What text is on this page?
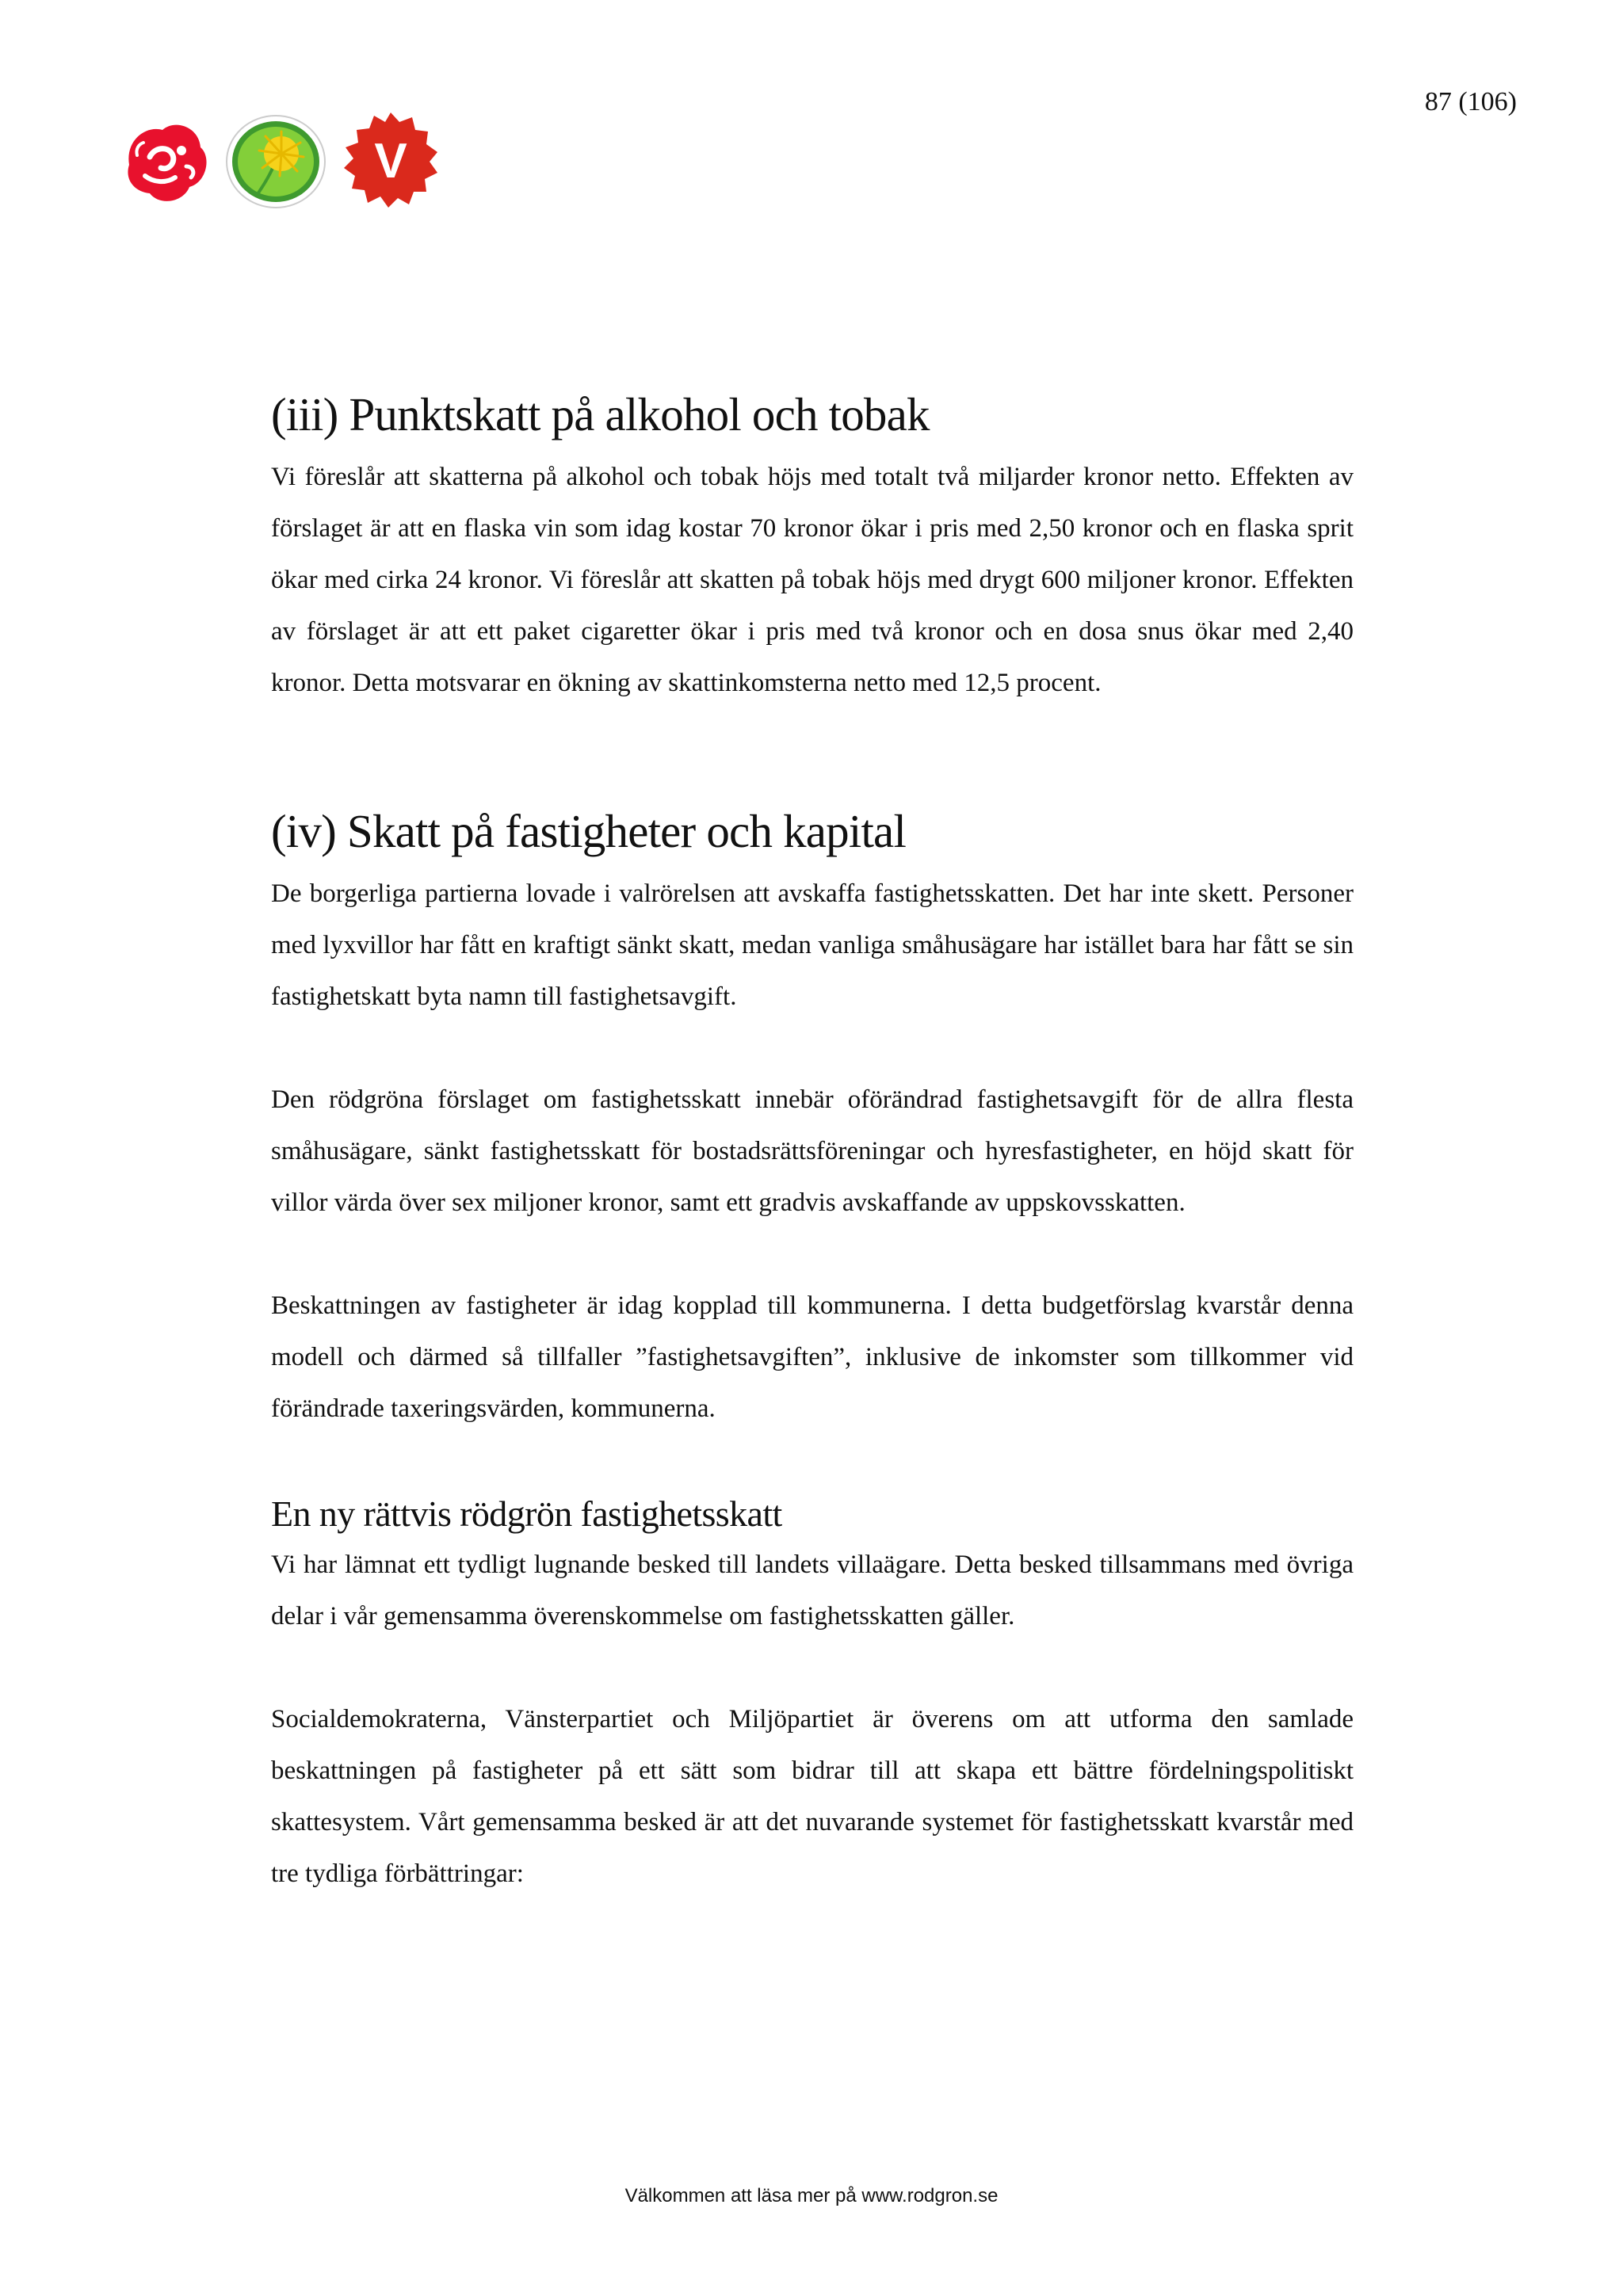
87 (106)
V
(iii) Punktskatt på alkohol och tobak

Vi föreslår att skatterna på alkohol och tobak höjs med totalt två miljarder kronor netto. Effekten av förslaget är att en flaska vin som idag kostar 70 kronor ökar i pris med 2,50 kronor och en flaska sprit ökar med cirka 24 kronor. Vi föreslår att skatten på tobak höjs med drygt 600 miljoner kronor. Effekten av förslaget är att ett paket cigaretter ökar i pris med två kronor och en dosa snus ökar med 2,40 kronor. Detta motsvarar en ökning av skattinkomsterna netto med 12,5 procent.

(iv) Skatt på fastigheter och kapital

De borgerliga partierna lovade i valrörelsen att avskaffa fastighetsskatten. Det har inte skett. Personer med lyxvillor har fått en kraftigt sänkt skatt, medan vanliga småhusägare har istället bara har fått se sin fastighetskatt byta namn till fastighetsavgift.

Den rödgröna förslaget om fastighetsskatt innebär oförändrad fastighetsavgift för de allra flesta småhusägare, sänkt fastighetsskatt för bostadsrättsföreningar och hyresfastigheter, en höjd skatt för villor värda över sex miljoner kronor, samt ett gradvis avskaffande av uppskovsskatten.

Beskattningen av fastigheter är idag kopplad till kommunerna. I detta budgetförslag kvarstår denna modell och därmed så tillfaller ”fastighetsavgiften”, inklusive de inkomster som tillkommer vid förändrade taxeringsvärden, kommunerna.

En ny rättvis rödgrön fastighetsskatt

Vi har lämnat ett tydligt lugnande besked till landets villaägare. Detta besked tillsammans med övriga delar i vår gemensamma överenskommelse om fastighetsskatten gäller.

Socialdemokraterna, Vänsterpartiet och Miljöpartiet är överens om att utforma den samlade beskattningen på fastigheter på ett sätt som bidrar till att skapa ett bättre fördelningspolitiskt skattesystem. Vårt gemensamma besked är att det nuvarande systemet för fastighetsskatt kvarstår med tre tydliga förbättringar:

Välkommen att läsa mer på www.rodgron.se
